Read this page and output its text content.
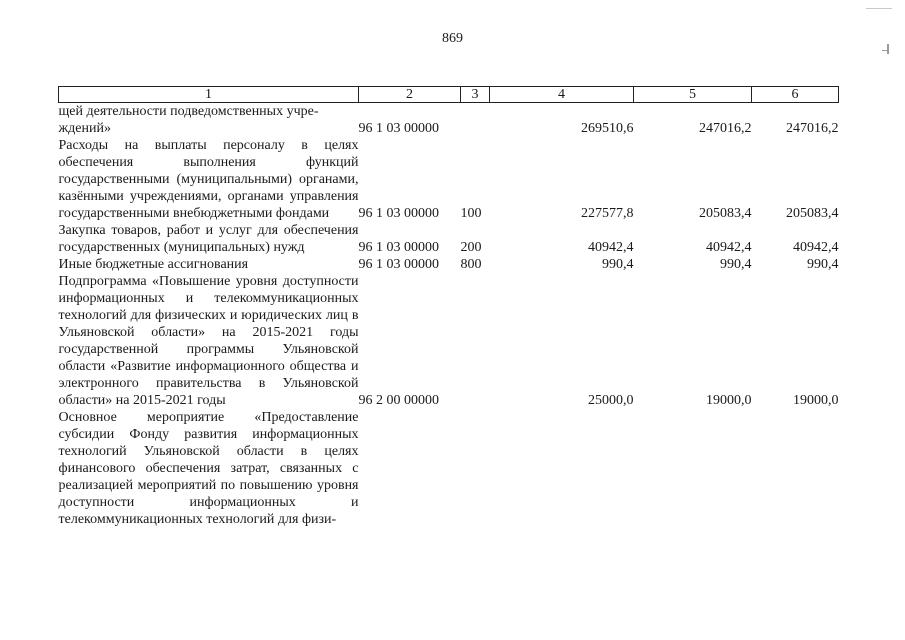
869
1	2	3	4	5	6
щей деятельности подведомственных учре-
ждений»	96 1 03 00000		269510,6	247016,2	247016,2
Расходы на выплаты персоналу в целях обеспечения выполнения функций государственными (муниципальными) органами, казёнными учреждениями, органами управления государственными внебюджетными фондами	96 1 03 00000	100	227577,8	205083,4	205083,4
Закупка товаров, работ и услуг для обеспечения государственных (муниципальных) нужд	96 1 03 00000	200	40942,4	40942,4	40942,4
Иные бюджетные ассигнования	96 1 03 00000	800	990,4	990,4	990,4
Подпрограмма «Повышение уровня доступности информационных и телекоммуникационных технологий для физических и юридических лиц в Ульяновской области» на 2015-2021 годы государственной программы Ульяновской области «Развитие информационного общества и электронного правительства в Ульяновской области» на 2015-2021 годы	96 2 00 00000		25000,0	19000,0	19000,0
Основное мероприятие «Предоставление субсидии Фонду развития информационных технологий Ульяновской области в целях финансового обеспечения затрат, связанных с реализацией мероприятий по повышению уровня доступности информационных и телекоммуникационных технологий для физи-					
